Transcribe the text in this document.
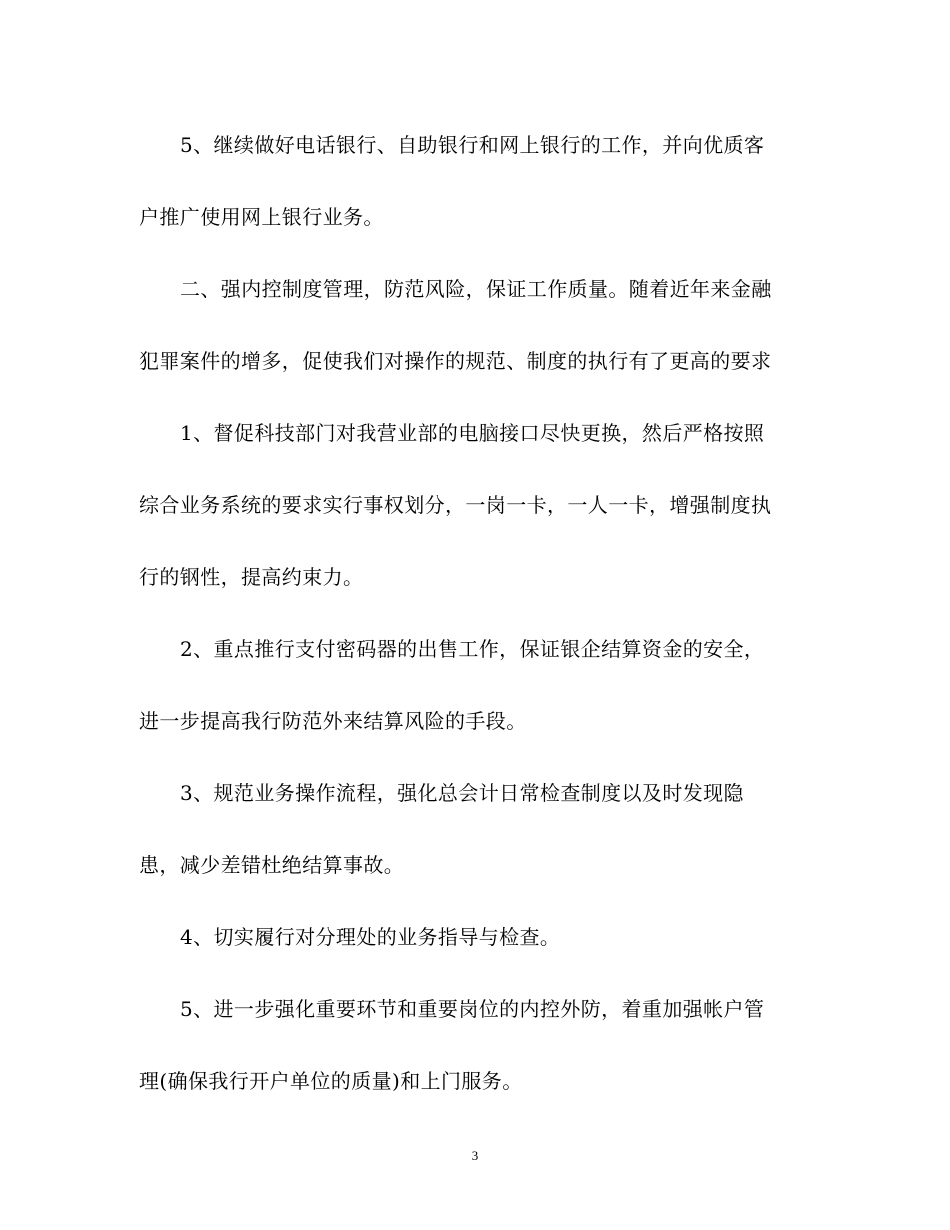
5、继续做好电话银行、自助银行和网上银行的工作，并向优质客
户推广使用网上银行业务。
二、强内控制度管理，防范风险，保证工作质量。随着近年来金融
犯罪案件的增多，促使我们对操作的规范、制度的执行有了更高的要求
1、督促科技部门对我营业部的电脑接口尽快更换，然后严格按照
综合业务系统的要求实行事权划分，一岗一卡，一人一卡，增强制度执
行的钢性，提高约束力。
2、重点推行支付密码器的出售工作，保证银企结算资金的安全，
进一步提高我行防范外来结算风险的手段。
3、规范业务操作流程，强化总会计日常检查制度以及时发现隐
患，减少差错杜绝结算事故。
4、切实履行对分理处的业务指导与检查。
5、进一步强化重要环节和重要岗位的内控外防，着重加强帐户管
理(确保我行开户单位的质量)和上门服务。
3
